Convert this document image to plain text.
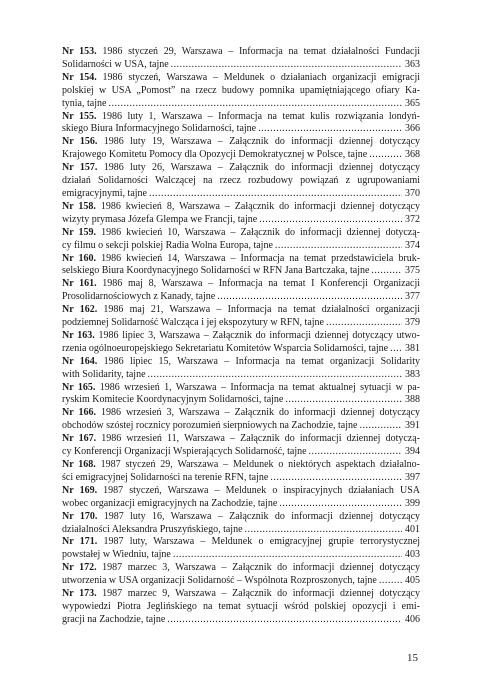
Nr 153. 1986 styczeń 29, Warszawa – Informacja na temat działalności Fundacji
Solidarności w USA, tajne .....	363
Nr 154. 1986 styczeń, Warszawa – Meldunek o działaniach organizacji emigracji
polskiej w USA „Pomost” na rzecz budowy pomnika upamiętniającego ofiary Ka-
tynia, tajne .....	365
Nr 155. 1986 luty 1, Warszawa – Informacja na temat kulis rozwiązania londyń-
skiego Biura Informacyjnego Solidarności, tajne .....	366
Nr 156. 1986 luty 19, Warszawa – Załącznik do informacji dziennej dotyczący
Krajowego Komitetu Pomocy dla Opozycji Demokratycznej w Polsce, tajne .....	368
Nr 157. 1986 luty 26, Warszawa – Załącznik do informacji dziennej dotyczący
działań Solidarności Walczącej na rzecz rozbudowy powiązań z ugrupowaniami
emigracyjnymi, tajne .....	370
Nr 158. 1986 kwiecień 8, Warszawa – Załącznik do informacji dziennej dotyczący
wizyty prymasa Józefa Glempa we Francji, tajne .....	372
Nr 159. 1986 kwiecień 10, Warszawa – Załącznik do informacji dziennej dotyczą-
cy filmu o sekcji polskiej Radia Wolna Europa, tajne .....	374
Nr 160. 1986 kwiecień 14, Warszawa – Informacja na temat przedstawiciela bruk-
selskiego Biura Koordynacyjnego Solidarności w RFN Jana Bartczaka, tajne .....	375
Nr 161. 1986 maj 8, Warszawa – Informacja na temat I Konferencji Organizacji
Prosolidarnościowych z Kanady, tajne .....	377
Nr 162. 1986 maj 21, Warszawa – Informacja na temat działalności organizacji
podziemnej Solidarność Walcząca i jej ekspozytury w RFN, tajne .....	379
Nr 163. 1986 lipiec 3, Warszawa – Załącznik do informacji dziennej dotyczący utwo-
rzenia ogólnoeuropejskiego Sekretariatu Komitetów Wsparcia Solidarności, tajne ..... 381
Nr 164. 1986 lipiec 15, Warszawa – Informacja na temat organizacji Solidarity
with Solidarity, tajne .....	383
Nr 165. 1986 wrzesień 1, Warszawa – Informacja na temat aktualnej sytuacji w pa-
ryskim Komitecie Koordynacyjnym Solidarności, tajne .....	388
Nr 166. 1986 wrzesień 3, Warszawa – Załącznik do informacji dziennej dotyczący
obchodów szóstej rocznicy porozumień sierpniowych na Zachodzie, tajne .....	391
Nr 167. 1986 wrzesień 11, Warszawa – Załącznik do informacji dziennej dotyczą-
cy Konferencji Organizacji Wspierających Solidarność, tajne .....	394
Nr 168. 1987 styczeń 29, Warszawa – Meldunek o niektórych aspektach działalno-
ści emigracyjnej Solidarności na terenie RFN, tajne .....	397
Nr 169. 1987 styczeń, Warszawa – Meldunek o inspiracyjnych działaniach USA
wobec organizacji emigracyjnych na Zachodzie, tajne .....	399
Nr 170. 1987 luty 16, Warszawa – Załącznik do informacji dziennej dotyczący
działalności Aleksandra Pruszyńskiego, tajne .....	401
Nr 171. 1987 luty, Warszawa – Meldunek o emigracyjnej grupie terrorystycznej
powstałej w Wiedniu, tajne .....	403
Nr 172. 1987 marzec 3, Warszawa – Załącznik do informacji dziennej dotyczący
utworzenia w USA organizacji Solidarność – Wspólnota Rozproszonych, tajne .....	405
Nr 173. 1987 marzec 9, Warszawa – Załącznik do informacji dziennej dotyczący
wypowiedzi Piotra Jeglińskiego na temat sytuacji wśród polskiej opozycji i emi-
gracji na Zachodzie, tajne .....	406
15
